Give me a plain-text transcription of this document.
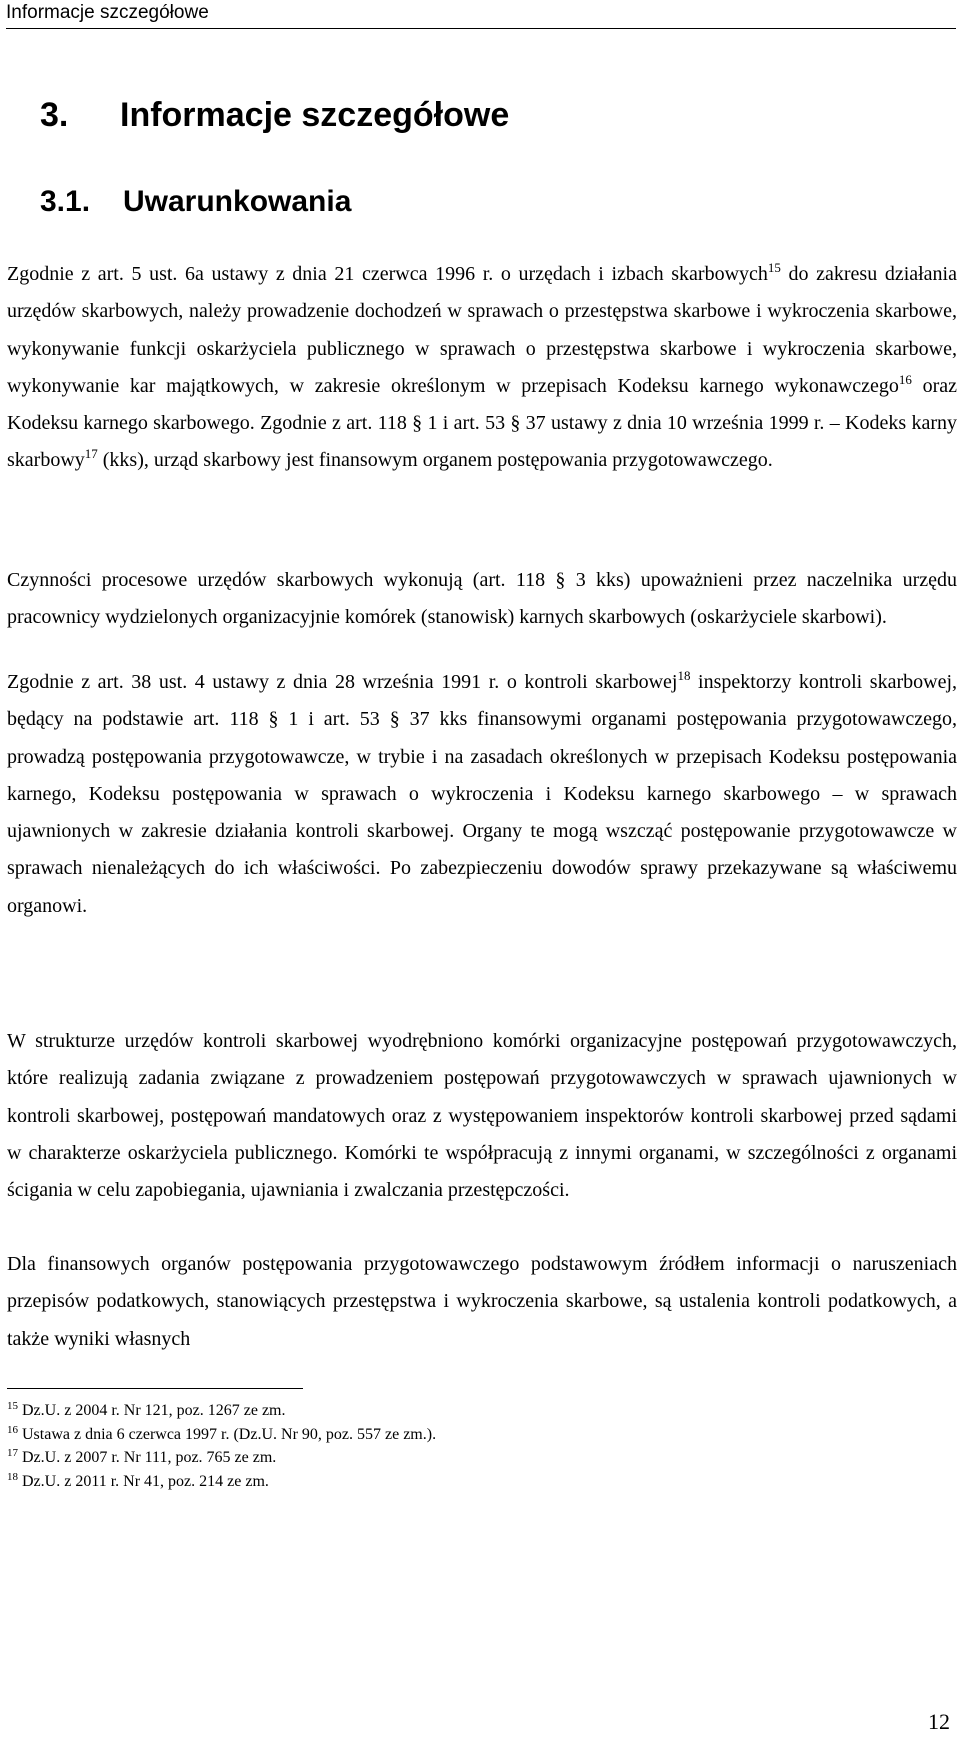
Informacje szczegółowe
3. Informacje szczegółowe
3.1. Uwarunkowania

Zgodnie z art. 5 ust. 6a ustawy z dnia 21 czerwca 1996 r. o urzędach i izbach skarbowych$^{15}$ do zakresu działania urzędów skarbowych, należy prowadzenie dochodzeń w sprawach o przestępstwa skarbowe i wykroczenia skarbowe, wykonywanie funkcji oskarżyciela publicznego w sprawach o przestępstwa skarbowe i wykroczenia skarbowe, wykonywanie kar majątkowych, w zakresie określonym w przepisach Kodeksu karnego wykonawczego$^{16}$ oraz Kodeksu karnego skarbowego. Zgodnie z art. 118 § 1 i art. 53 § 37 ustawy z dnia 10 września 1999 r. – Kodeks karny skarbowy$^{17}$ (kks), urząd skarbowy jest finansowym organem postępowania przygotowawczego.

Czynności procesowe urzędów skarbowych wykonują (art. 118 § 3 kks) upoważnieni przez naczelnika urzędu pracownicy wydzielonych organizacyjnie komórek (stanowisk) karnych skarbowych (oskarżyciele skarbowi).

Zgodnie z art. 38 ust. 4 ustawy z dnia 28 września 1991 r. o kontroli skarbowej$^{18}$ inspektorzy kontroli skarbowej, będący na podstawie art. 118 § 1 i art. 53 § 37 kks finansowymi organami postępowania przygotowawczego, prowadzą postępowania przygotowawcze, w trybie i na zasadach określonych w przepisach Kodeksu postępowania karnego, Kodeksu postępowania w sprawach o wykroczenia i Kodeksu karnego skarbowego – w sprawach ujawnionych w zakresie działania kontroli skarbowej. Organy te mogą wszcząć postępowanie przygotowawcze w sprawach nienależących do ich właściwości. Po zabezpieczeniu dowodów sprawy przekazywane są właściwemu organowi.

W strukturze urzędów kontroli skarbowej wyodrębniono komórki organizacyjne postępowań przygotowawczych, które realizują zadania związane z prowadzeniem postępowań przygotowawczych w sprawach ujawnionych w kontroli skarbowej, postępowań mandatowych oraz z występowaniem inspektorów kontroli skarbowej przed sądami w charakterze oskarżyciela publicznego. Komórki te współpracują z innymi organami, w szczególności z organami ścigania w celu zapobiegania, ujawniania i zwalczania przestępczości.

Dla finansowych organów postępowania przygotowawczego podstawowym źródłem informacji o naruszeniach przepisów podatkowych, stanowiących przestępstwa i wykroczenia skarbowe, są ustalenia kontroli podatkowych, a także wyniki własnych

$^{15}$ Dz.U. z 2004 r. Nr 121, poz. 1267 ze zm.
$^{16}$ Ustawa z dnia 6 czerwca 1997 r. (Dz.U. Nr 90, poz. 557 ze zm.).
$^{17}$ Dz.U. z 2007 r. Nr 111, poz. 765 ze zm.
$^{18}$ Dz.U. z 2011 r. Nr 41, poz. 214 ze zm.
12
